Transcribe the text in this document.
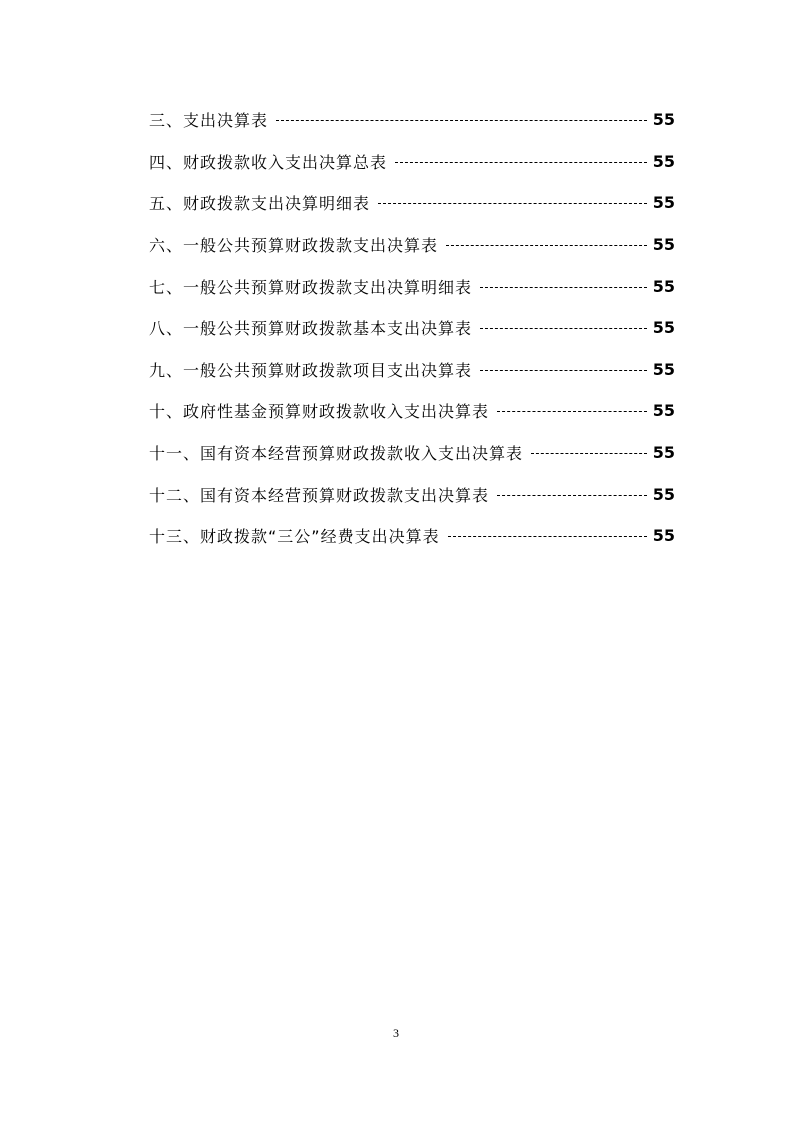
三、支出决算表	55
四、财政拨款收入支出决算总表	55
五、财政拨款支出决算明细表	55
六、一般公共预算财政拨款支出决算表	55
七、一般公共预算财政拨款支出决算明细表	55
八、一般公共预算财政拨款基本支出决算表	55
九、一般公共预算财政拨款项目支出决算表	55
十、政府性基金预算财政拨款收入支出决算表	55
十一、国有资本经营预算财政拨款收入支出决算表	55
十二、国有资本经营预算财政拨款支出决算表	55
十三、财政拨款“三公”经费支出决算表	55
3
